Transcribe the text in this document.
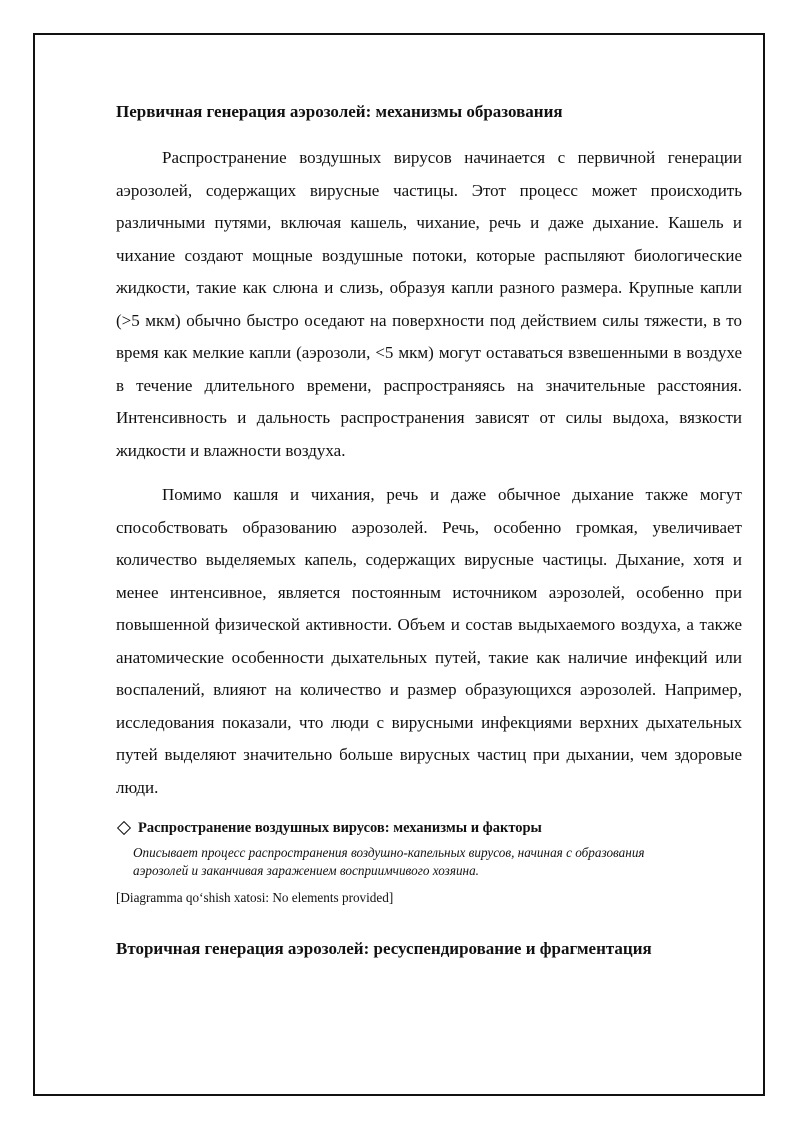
Первичная генерация аэрозолей: механизмы образования

Распространение воздушных вирусов начинается с первичной генерации аэрозолей, содержащих вирусные частицы. Этот процесс может происходить различными путями, включая кашель, чихание, речь и даже дыхание. Кашель и чихание создают мощные воздушные потоки, которые распыляют биологические жидкости, такие как слюна и слизь, образуя капли разного размера. Крупные капли (>5 мкм) обычно быстро оседают на поверхности под действием силы тяжести, в то время как мелкие капли (аэрозоли, <5 мкм) могут оставаться взвешенными в воздухе в течение длительного времени, распространяясь на значительные расстояния. Интенсивность и дальность распространения зависят от силы выдоха, вязкости жидкости и влажности воздуха.

Помимо кашля и чихания, речь и даже обычное дыхание также могут способствовать образованию аэрозолей. Речь, особенно громкая, увеличивает количество выделяемых капель, содержащих вирусные частицы. Дыхание, хотя и менее интенсивное, является постоянным источником аэрозолей, особенно при повышенной физической активности. Объем и состав выдыхаемого воздуха, а также анатомические особенности дыхательных путей, такие как наличие инфекций или воспалений, влияют на количество и размер образующихся аэрозолей. Например, исследования показали, что люди с вирусными инфекциями верхних дыхательных путей выделяют значительно больше вирусных частиц при дыхании, чем здоровые люди.

Распространение воздушных вирусов: механизмы и факторы
Описывает процесс распространения воздушно-капельных вирусов, начиная с образования аэрозолей и заканчивая заражением восприимчивого хозяина.
[Diagramma qo‘shish xatosi: No elements provided]
Вторичная генерация аэрозолей: ресуспендирование и фрагментация
